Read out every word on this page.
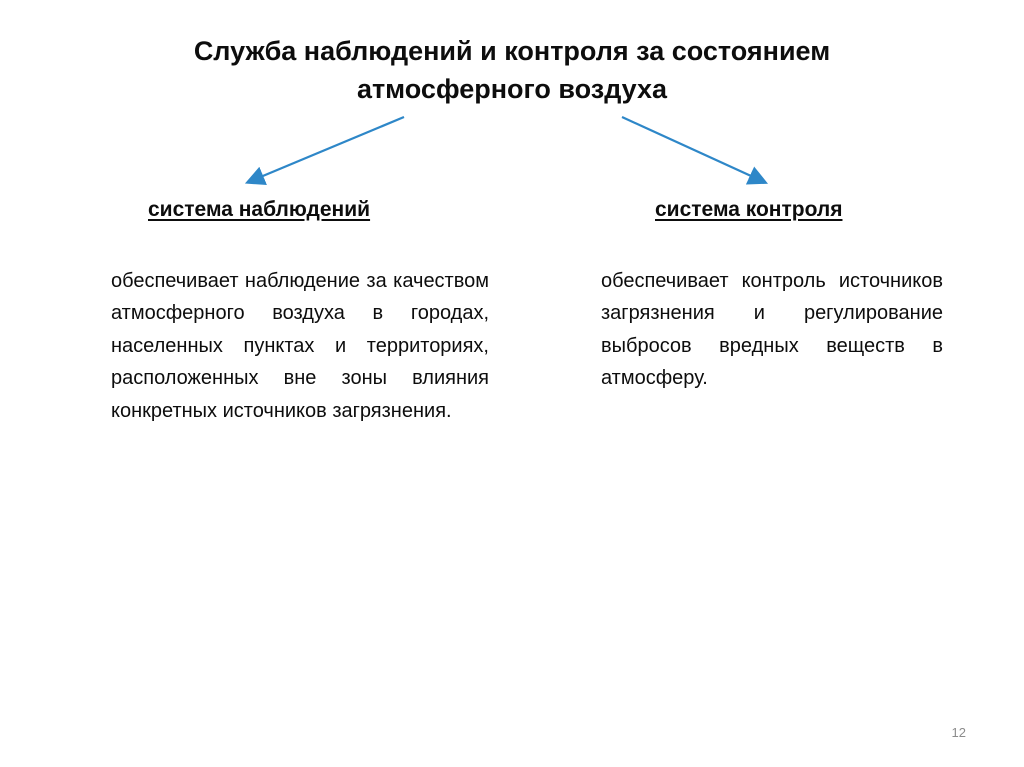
Служба наблюдений и контроля за состоянием атмосферного воздуха
система наблюдений
обеспечивает наблюдение за качеством атмосферного воздуха в городах, населенных пунктах и территориях, расположенных вне зоны влияния конкретных источников загрязнения.
система контроля
обеспечивает контроль источников загрязнения и регулирование выбросов вредных веществ в атмосферу.
12
